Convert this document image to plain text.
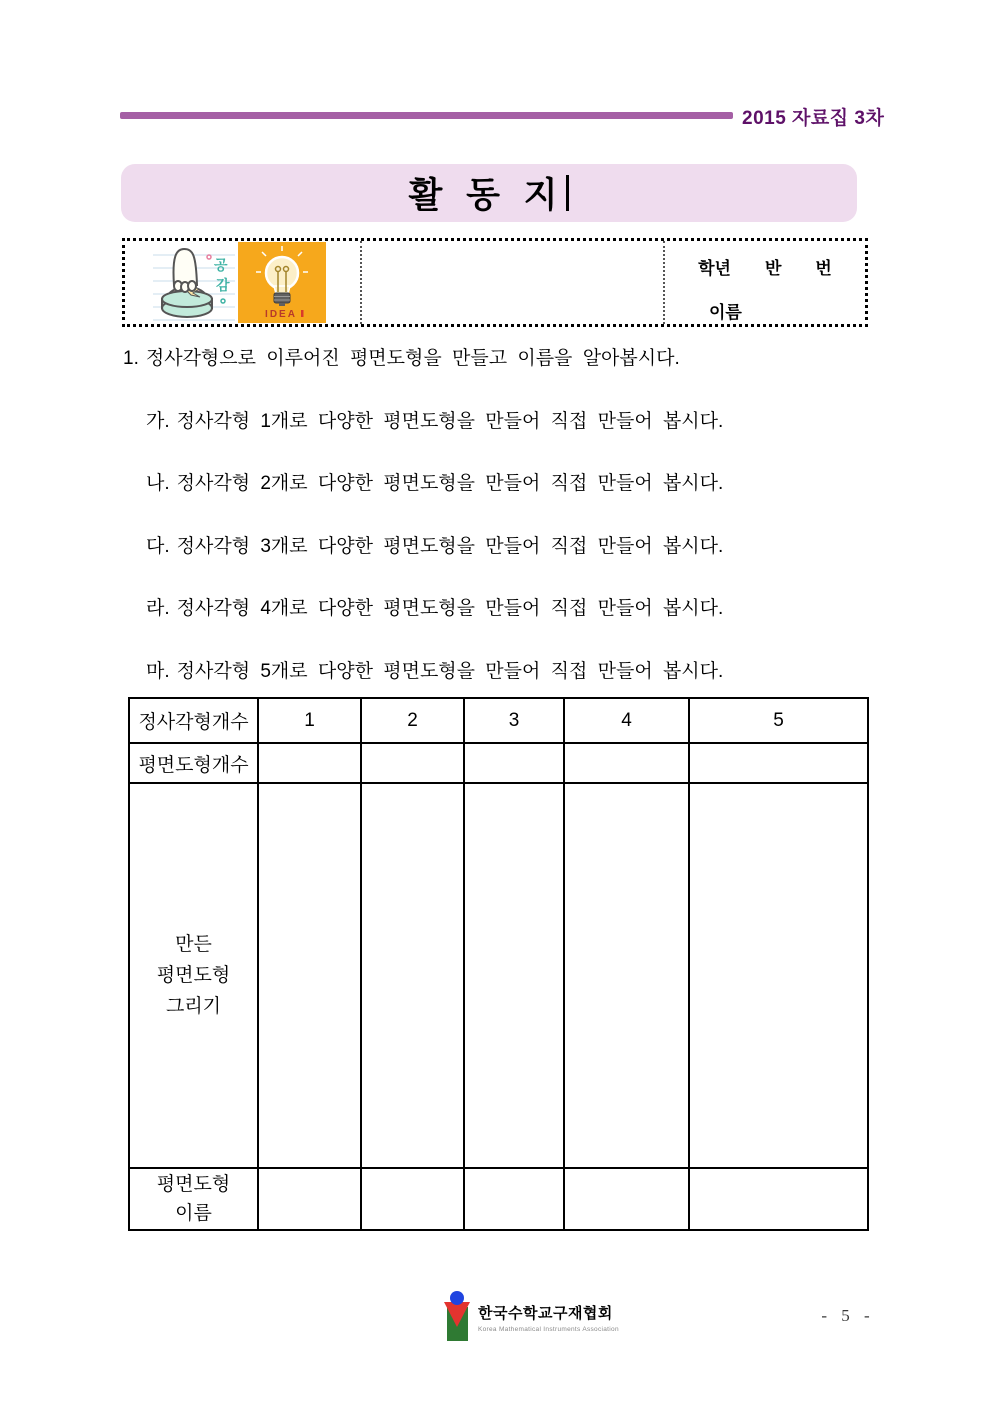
2015 자료집 3차
활 동 지
공
감
IDEA
학년 반 번
이름
1. 정사각형으로 이루어진 평면도형을 만들고 이름을 알아봅시다.
가. 정사각형 1개로 다양한 평면도형을 만들어 직접 만들어 봅시다.
나. 정사각형 2개로 다양한 평면도형을 만들어 직접 만들어 봅시다.
다. 정사각형 3개로 다양한 평면도형을 만들어 직접 만들어 봅시다.
라. 정사각형 4개로 다양한 평면도형을 만들어 직접 만들어 봅시다.
마. 정사각형 5개로 다양한 평면도형을 만들어 직접 만들어 봅시다.
정사각형개수	1	2	3	4	5
평면도형개수					

만든
평면도형
그리기					

평면도형
이름					

한국수학교구재협회
Korea Mathematical Instruments Association
- 5 -
